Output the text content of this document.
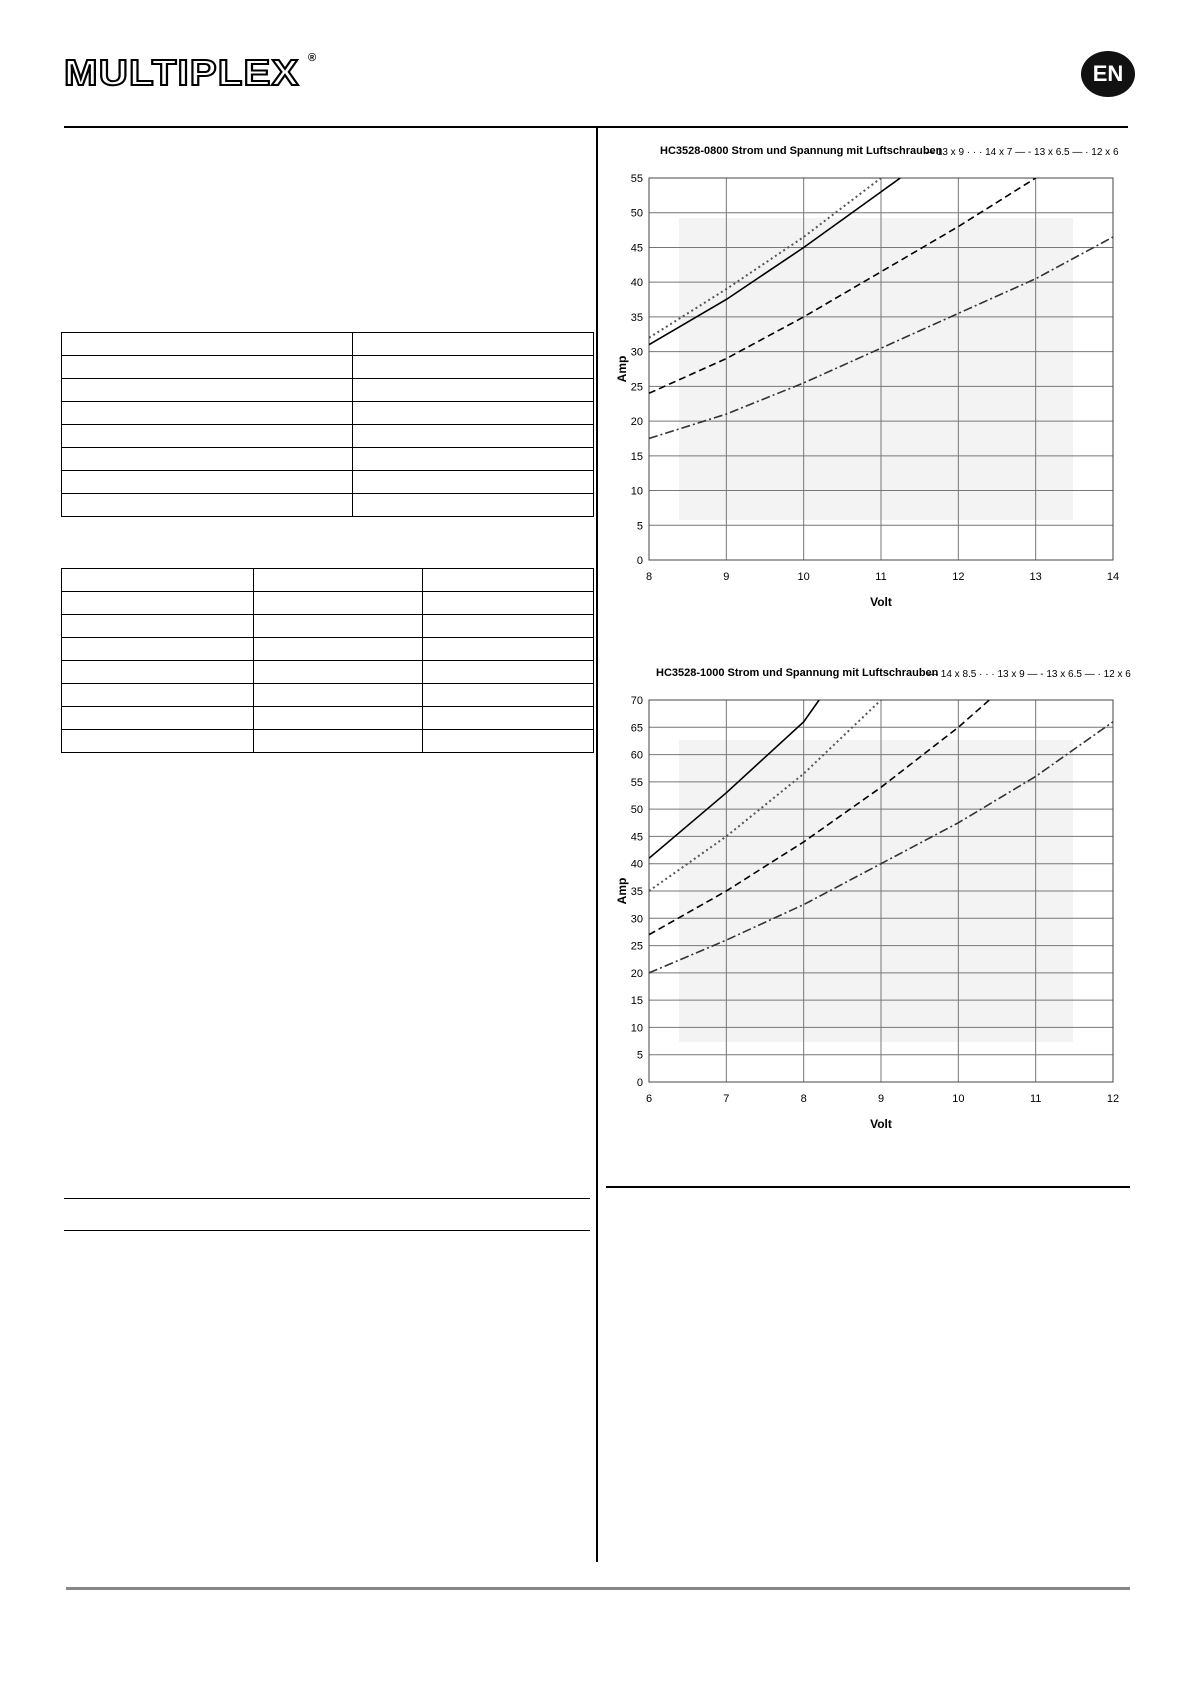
MULTIPLEX ®
EN

HC3528-0800 Strom und Spannung mit Luftschrauben
— 13 x 9 · · · 14 x 7 — - 13 x 6.5 — · 12 x 6
HC3528-1000 Strom und Spannung mit Luftschrauben
— 14 x 8.5 · · · 13 x 9 — - 13 x 6.5 — · 12 x 6
0
5
10
15
20
25
30
35
40
45
50
55
8	9	10	11	12	13	14
Volt
Amp
0
5
10
15
20
25
30
35
40
45
50
55
60
65
70
6	7	8	9	10	11	12
Volt
Amp
